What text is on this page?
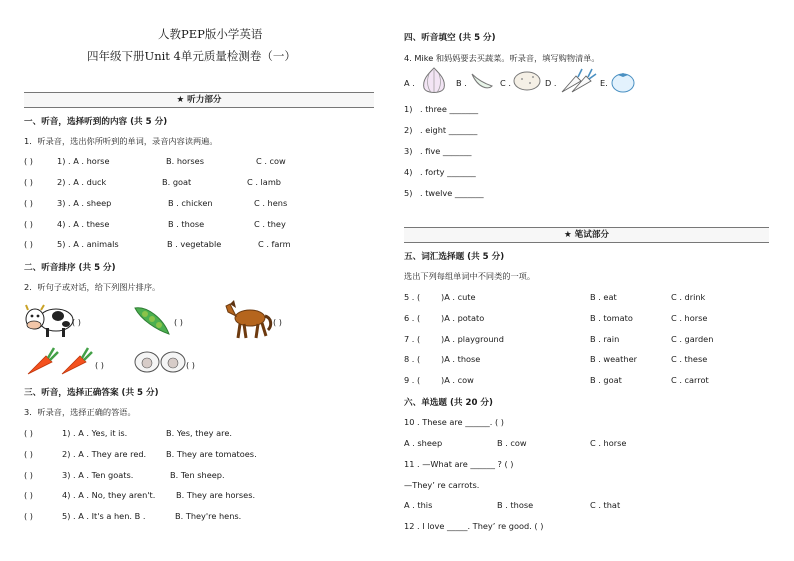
人教PEP版小学英语
四年级下册Unit 4单元质量检测卷（一）
★ 听力部分
一、听音，选择听到的内容 (共 5 分)
1．听录音，选出你所听到的单词，录音内容读两遍。
( )	1) . A . horse	B. horses	C . cow
( )	2) . A . duck	B. goat	C . lamb
( )	3) . A . sheep	B . chicken	C . hens
( )	4) . A . these	B . those	C . they
( )	5) . A . animals	B . vegetable	C . farm
二、听音排序 (共 5 分)
2．听句子或对话，给下列图片排序。
( )	( )	( )
( )	( )
三、听音，选择正确答案 (共 5 分)
3．听录音，选择正确的答语。
( )	1) . A . Yes, it is.	B. Yes, they are.
( )	2) . A . They are red. B. They are tomatoes.
( )	3) . A . Ten goats.	B. Ten sheep.
( )	4) . A . No, they aren't.	B. They are horses.
( )	5) . A . It's a hen. B .	B. They're hens.
四、听音填空 (共 5 分)
4. Mike 和妈妈要去买蔬菜。听录音，填写购物清单。
A .	B .	C .	D .	E.
1) . three _______
2) . eight _______
3) . five _______
4) . forty _______
5) . twelve _______
★ 笔试部分
五、词汇选择题 (共 5 分)
选出下列每组单词中不同类的一项。
5 . (	)A . cute	B . eat	C . drink
6 . (	)A . potato	B . tomato	C . horse
7 . (	)A . playground	B . rain	C . garden
8 . (	)A . those	B . weather	C . these
9 . (	)A . cow	B . goat	C . carrot
六、单选题 (共 20 分)
10 . These are ______. ( )
A . sheep	B . cow	C . horse
11 . —What are ______ ? ( )
—They’ re carrots.
A . this	B . those	C . that
12 . I love _____. They’ re good. ( )
